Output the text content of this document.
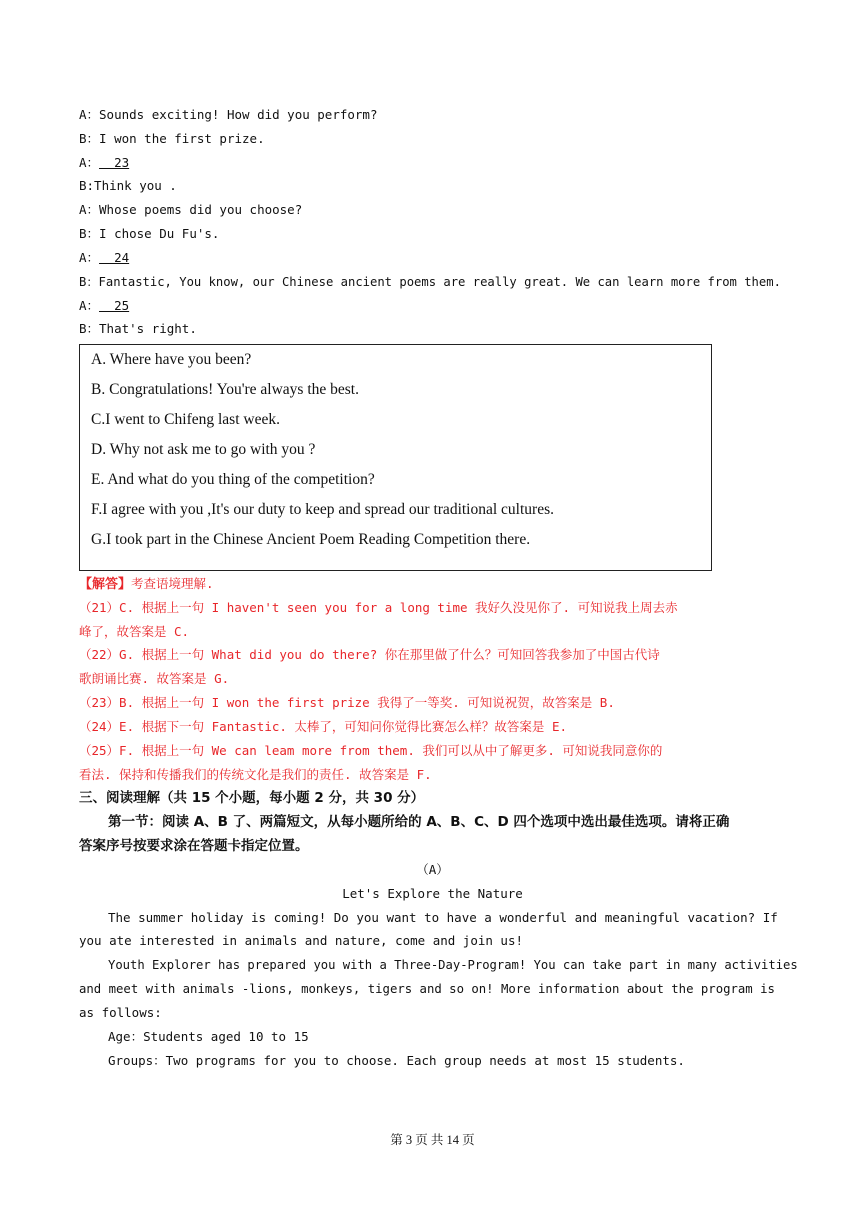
A：Sounds exciting! How did you perform?
B：I won the first prize.
A：  23
B:Think you .
A：Whose poems did you choose?
B：I chose Du Fu's.
A：  24
B：Fantastic, You know, our Chinese ancient poems are really great. We can learn more from them.
A：  25
B：That's right.
A. Where have you been?
B. Congratulations! You're always the best.
C.I went to Chifeng last week.
D. Why not ask me to go with you ?
E. And what do you thing of the competition?
F.I agree with you ,It's our duty to keep and spread our traditional cultures.
G.I took part in the Chinese Ancient Poem Reading Competition there.
【解答】考查语境理解.
（21）C. 根据上一句 I haven't seen you for a long time 我好久没见你了. 可知说我上周去赤
峰了，故答案是 C.
（22）G. 根据上一句 What did you do there? 你在那里做了什么？可知回答我参加了中国古代诗
歌朗诵比赛. 故答案是 G.
（23）B. 根据上一句 I won the first prize 我得了一等奖. 可知说祝贺，故答案是 B.
（24）E. 根据下一句 Fantastic. 太棒了，可知问你觉得比赛怎么样？故答案是 E.
（25）F. 根据上一句 We can leam more from them. 我们可以从中了解更多. 可知说我同意你的
看法. 保持和传播我们的传统文化是我们的责任. 故答案是 F.
三、阅读理解（共 15 个小题，每小题 2 分，共 30 分）
第一节：阅读 A、B 了、两篇短文，从每小题所给的 A、B、C、D 四个选项中选出最佳选项。请将正确
答案序号按要求涂在答题卡指定位置。
（A）
Let's Explore the Nature
The summer holiday is coming! Do you want to have a wonderful and meaningful vacation? If
you ate interested in animals and nature, come and join us!
Youth Explorer has prepared you with a Three-Day-Program! You can take part in many activities
and meet with animals -lions, monkeys, tigers and so on! More information about the program is
as follows:
Age：Students aged 10 to 15
Groups：Two programs for you to choose. Each group needs at most 15 students.
第 3 页 共 14 页
